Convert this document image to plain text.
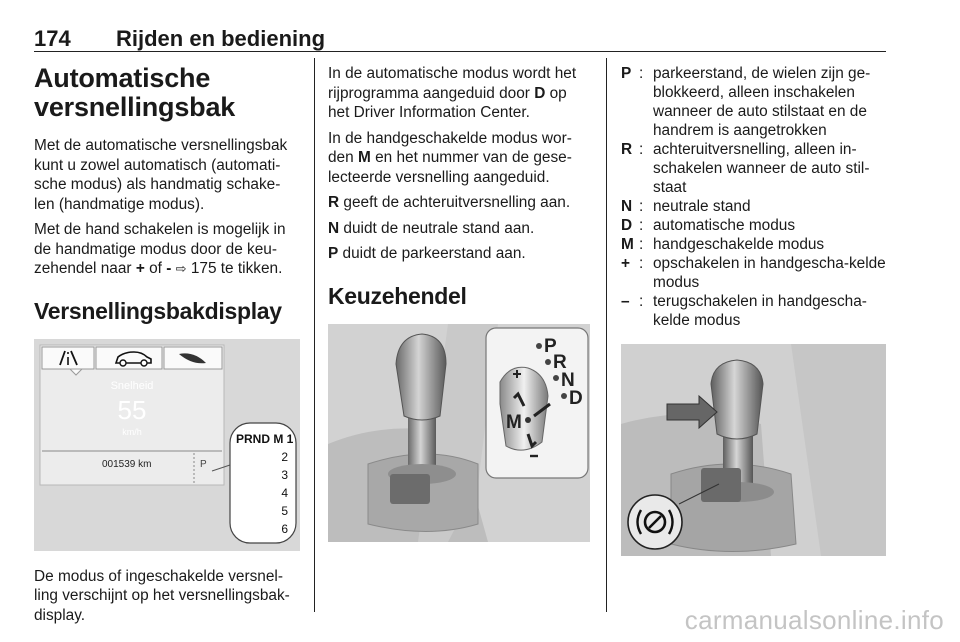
174 Rijden en bediening
Automatische versnellingsbak

Met de automatische versnellingsbak kunt u zowel automatisch (automati-sche modus) als handmatig schake-len (handmatige modus).

Met de hand schakelen is mogelijk in de handmatige modus door de keu-zehendel naar + of - ⇨ 175 te tikken.

Versnellingsbakdisplay
Snelheid
55
km/h
001539 km	P
PRND M 1
2
3
4
5
6

De modus of ingeschakelde versnel-ling verschijnt op het versnellingsbak-display.

In de automatische modus wordt het rijprogramma aangeduid door D op het Driver Information Center.

In de handgeschakelde modus wor-den M en het nummer van de gese-lecteerde versnelling aangeduid.

R geeft de achteruitversnelling aan.

N duidt de neutrale stand aan.

P duidt de parkeerstand aan.

Keuzehendel
P
R
N
D
M
P : parkeerstand, de wielen zijn ge-blokkeerd, alleen inschakelen wanneer de auto stilstaat en de handrem is aangetrokken
R : achteruitversnelling, alleen in-schakelen wanneer de auto stil-staat
N : neutrale stand
D : automatische modus
M : handgeschakelde modus
+ : opschakelen in handgescha-kelde modus
– : terugschakelen in handgescha-kelde modus
carmanualsonline.info
